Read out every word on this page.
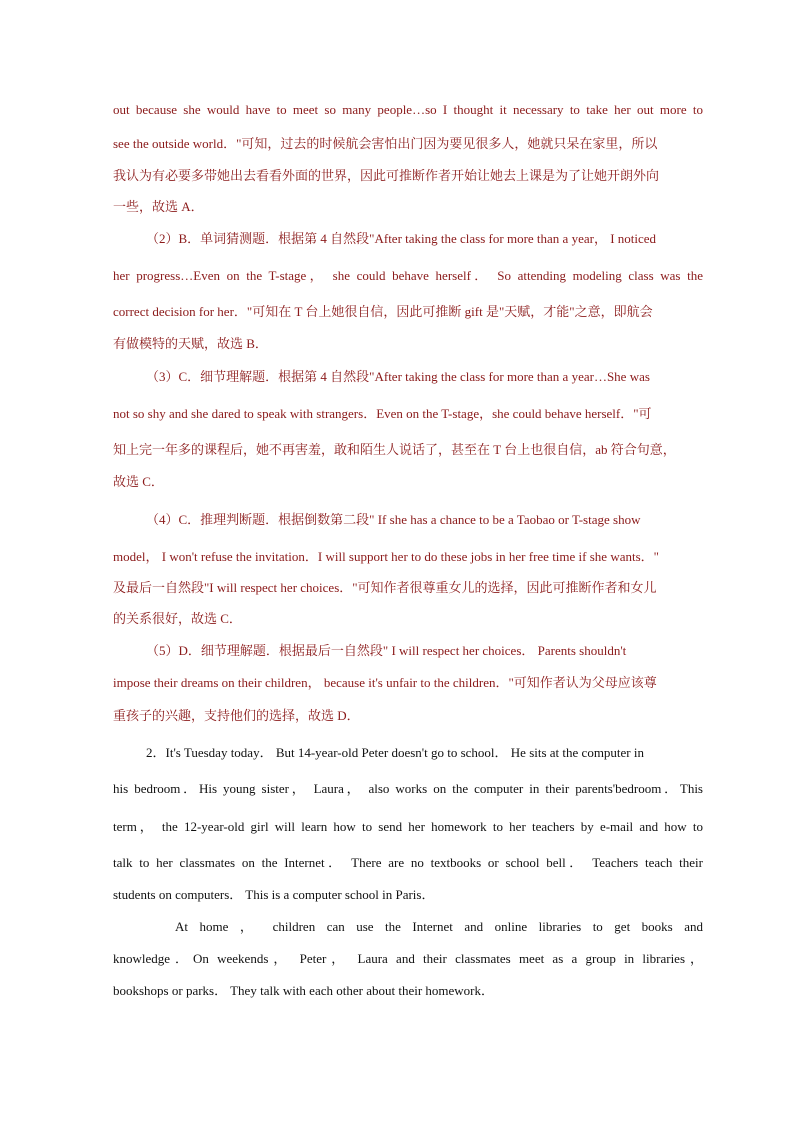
out because she would have to meet so many people…so I thought it necessary to take her out more to
see the outside world．"可知，过去的时候航会害怕出门因为要见很多人，她就只呆在家里，所以
我认为有必要多带她出去看看外面的世界，因此可推断作者开始让她去上课是为了让她开朗外向
一些，故选 A．
（2）B．单词猜测题．根据第 4 自然段"After taking the class for more than a year， I noticed
her progress…Even on the T-stage， she could behave herself． So attending modeling class was the
correct decision for her．"可知在 T 台上她很自信，因此可推断 gift 是"天赋，才能"之意，即航会
有做模特的天赋，故选 B．
（3）C．细节理解题．根据第 4 自然段"After taking the class for more than a year…She was
not so shy and she dared to speak with strangers．Even on the T-stage，she could behave herself．"可
知上完一年多的课程后，她不再害羞，敢和陌生人说话了，甚至在 T 台上也很自信，ab 符合句意，
故选 C．
（4）C．推理判断题．根据倒数第二段" If she has a chance to be a Taobao or T-stage show
model， I won't refuse the invitation．I will support her to do these jobs in her free time if she wants．"
及最后一自然段"I will respect her choices．"可知作者很尊重女儿的选择，因此可推断作者和女儿
的关系很好，故选 C．
（5）D．细节理解题．根据最后一自然段" I will respect her choices． Parents shouldn't
impose their dreams on their children， because it's unfair to the children．"可知作者认为父母应该尊
重孩子的兴趣，支持他们的选择，故选 D．
2．It's Tuesday today． But 14-year-old Peter doesn't go to school． He sits at the computer in
his bedroom．His young sister， Laura， also works on the computer in their parents'bedroom．This
term， the 12-year-old girl will learn how to send her homework to her teachers by e-mail and how to
talk to her classmates on the Internet． There are no textbooks or school bell． Teachers teach their
students on computers． This is a computer school in Paris．
At home ， children can use the Internet and online libraries to get books and
knowledge．On weekends， Peter， Laura and their classmates meet as a group in libraries，
bookshops or parks． They talk with each other about their homework．
